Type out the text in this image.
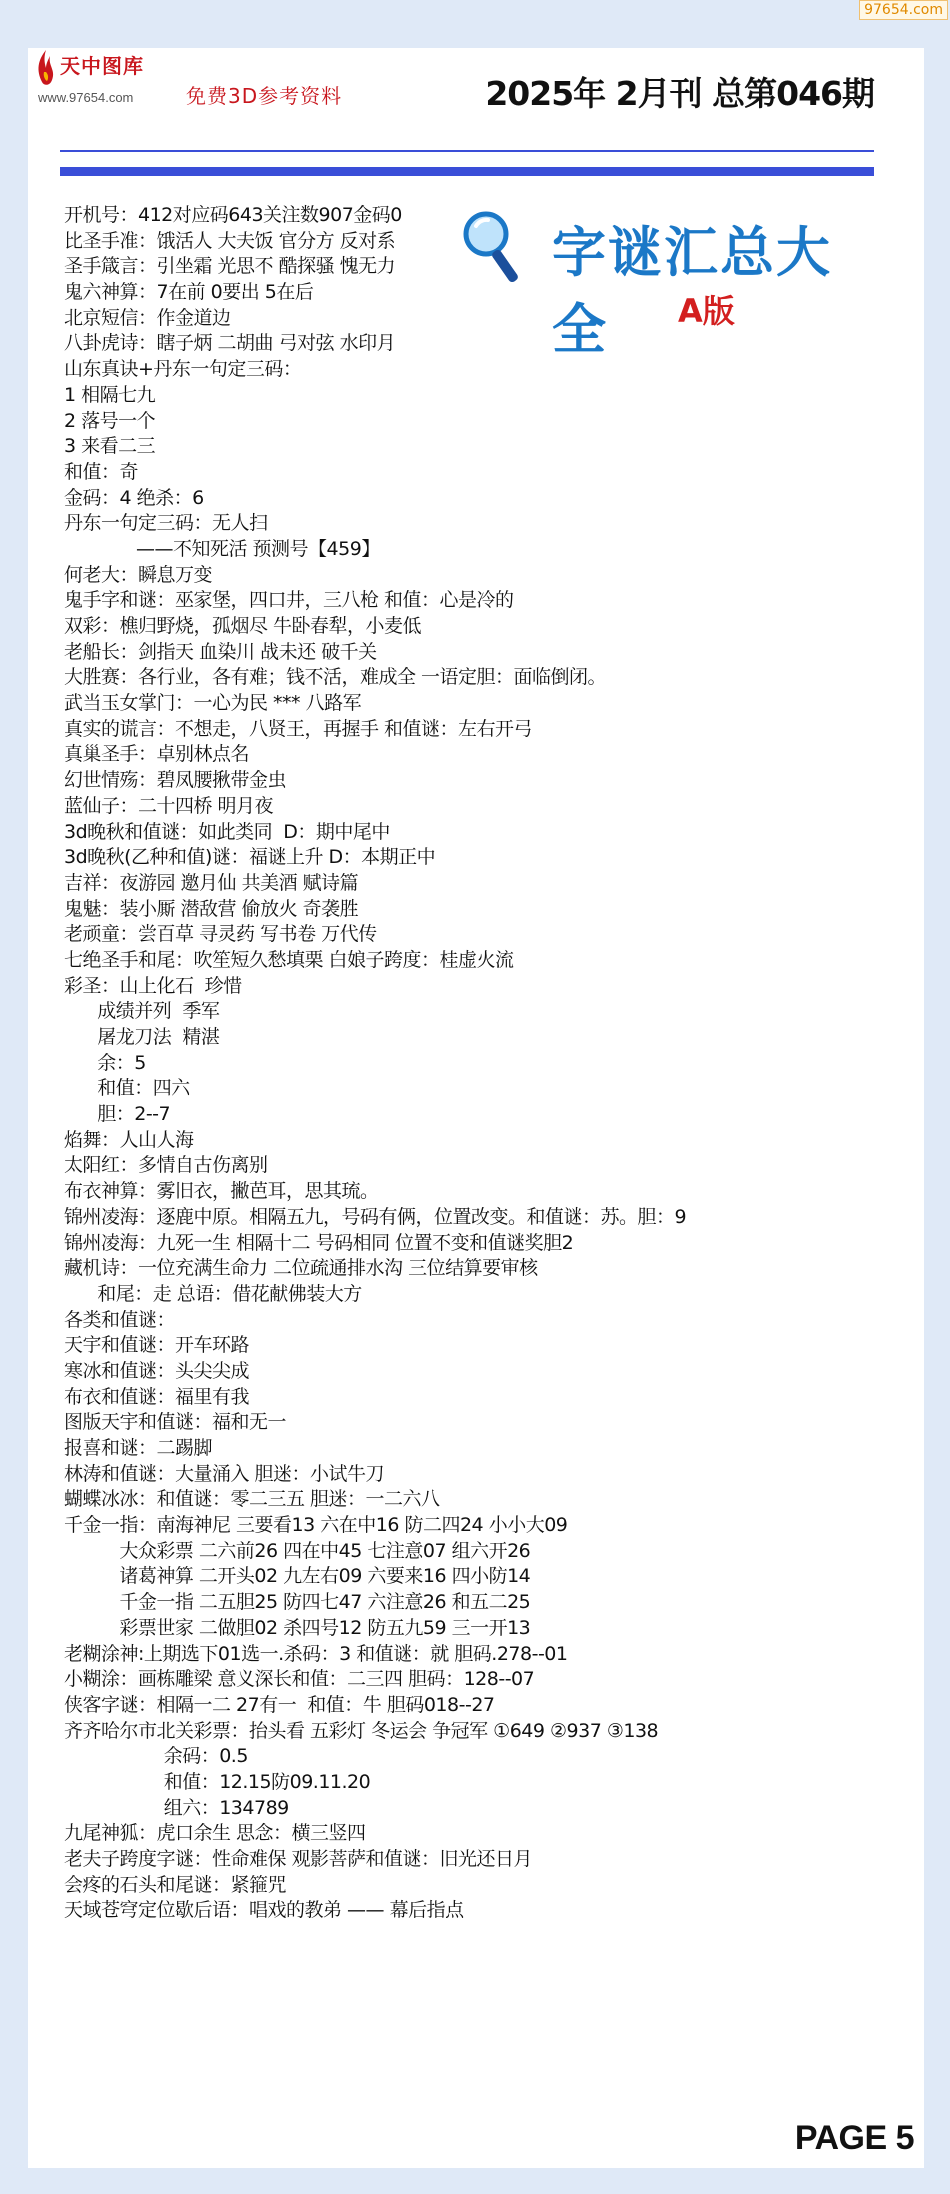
97654.com
天中图库
www.97654.com	免费3D参考资料	2025年 2月刊 总第046期
字谜汇总大全	A版
开机号：412对应码643关注数907金码0
比圣手准：饿活人 大夫饭 官分方 反对系
圣手箴言：引坐霜 光思不 酷探骚 愧无力
鬼六神算：7在前 0要出 5在后
北京短信：作金道边
八卦虎诗：瞎子炳 二胡曲 弓对弦 水印月
山东真诀+丹东一句定三码：
1 相隔七九
2 落号一个
3 来看二三
和值：奇
金码：4 绝杀：6
丹东一句定三码：无人扫
——不知死活 预测号【459】
何老大：瞬息万变
鬼手字和谜：巫家堡，四口井，三八枪 和值：心是冷的
双彩：樵归野烧，孤烟尽 牛卧春犁，小麦低
老船长：剑指天 血染川 战未还 破千关
大胜赛：各行业，各有难；钱不活，难成全 一语定胆：面临倒闭。
武当玉女掌门：一心为民 *** 八路军
真实的谎言：不想走，八贤王，再握手 和值谜：左右开弓
真巢圣手：卓别林点名
幻世情殇：碧凤腰揪带金虫
蓝仙子：二十四桥 明月夜
3d晚秋和值谜：如此类同  D：期中尾中
3d晚秋(乙种和值)谜：福谜上升 D：本期正中
吉祥：夜游园 邀月仙 共美酒 赋诗篇
鬼魅：装小厮 潜敌营 偷放火 奇袭胜
老顽童：尝百草 寻灵药 写书卷 万代传
七绝圣手和尾：吹笙短久愁填栗 白娘子跨度：桂虚火流
彩圣：山上化石  珍惜
成绩并列  季军
屠龙刀法  精湛
余：5
和值：四六
胆：2--7
焰舞：人山人海
太阳红：多情自古伤离别
布衣神算：雾旧衣，撇芭耳，思其琉。
锦州凌海：逐鹿中原。相隔五九，号码有俩，位置改变。和值谜：苏。胆：9
锦州凌海：九死一生 相隔十二 号码相同 位置不变和值谜奖胆2
藏机诗：一位充满生命力 二位疏通排水沟 三位结算要审核
和尾：走 总语：借花献佛装大方
各类和值谜：
天宇和值谜：开车环路
寒冰和值谜：头尖尖成
布衣和值谜：福里有我
图版天宇和值谜：福和无一
报喜和谜：二踢脚
林涛和值谜：大量涌入 胆迷：小试牛刀
蝴蝶冰冰：和值谜：零二三五 胆迷：一二六八
千金一指：南海神尼 三要看13 六在中16 防二四24 小小大09
大众彩票 二六前26 四在中45 七注意07 组六开26
诸葛神算 二开头02 九左右09 六要来16 四小防14
千金一指 二五胆25 防四七47 六注意26 和五二25
彩票世家 二做胆02 杀四号12 防五九59 三一开13
老糊涂神:上期选下01选一.杀码：3 和值谜：就 胆码.278--01
小糊涂：画栋雕梁 意义深长和值：二三四 胆码：128--07
侠客字谜：相隔一二 27有一  和值：牛 胆码018--27
齐齐哈尔市北关彩票：抬头看 五彩灯 冬运会 争冠军 ①649 ②937 ③138
余码：0.5
和值：12.15防09.11.20
组六：134789
九尾神狐：虎口余生 思念：横三竖四
老夫子跨度字谜：性命难保 观影菩萨和值谜：旧光还日月
会疼的石头和尾谜：紧箍咒
天域苍穹定位歇后语：唱戏的教弟 —— 幕后指点
PAGE 5
